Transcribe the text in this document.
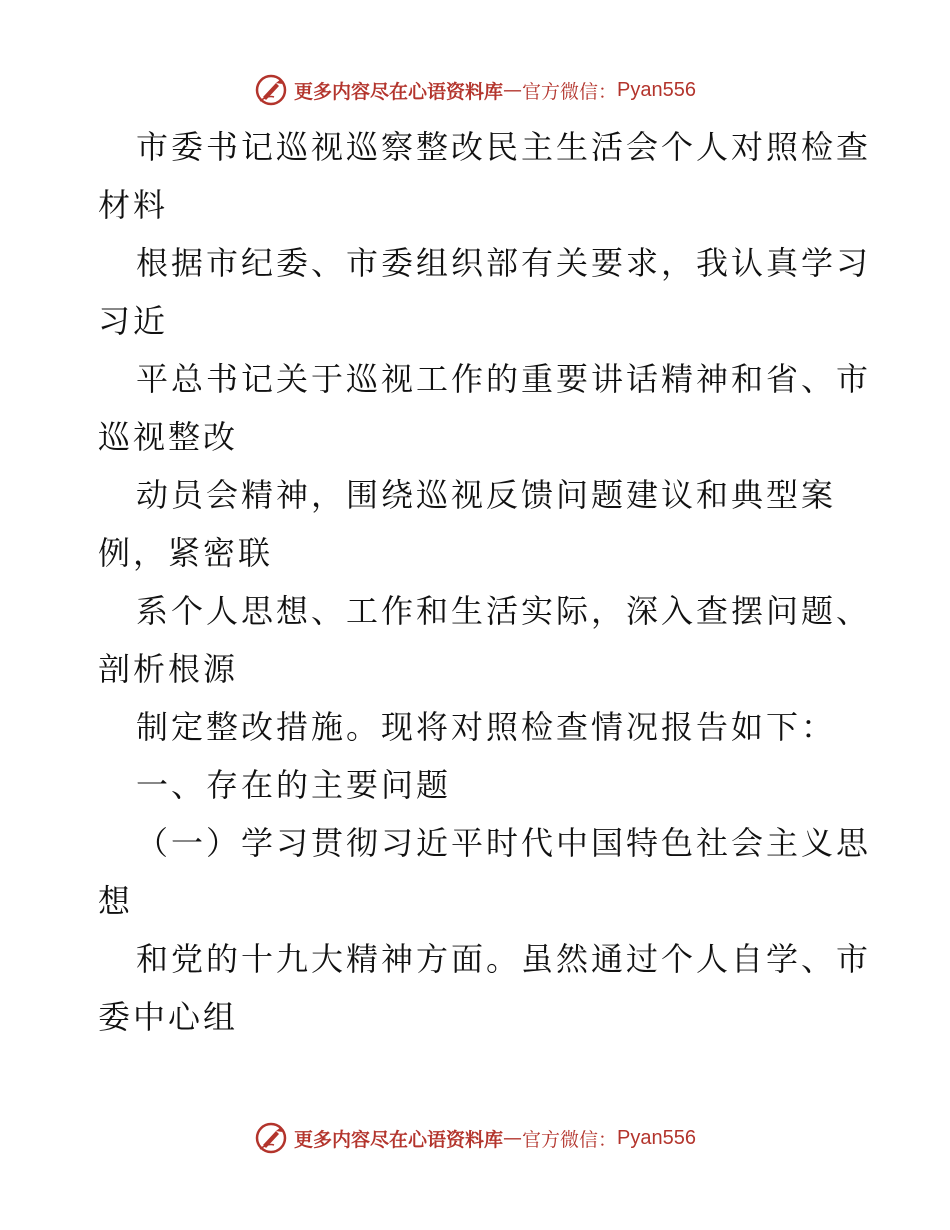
更多内容尽在心语资料库 — 官方微信： Pyan556
市委书记巡视巡察整改民主生活会个人对照检查
材料
根据市纪委、市委组织部有关要求，我认真学习
习近
平总书记关于巡视工作的重要讲话精神和省、市
巡视整改
动员会精神，围绕巡视反馈问题建议和典型案
例，紧密联
系个人思想、工作和生活实际，深入查摆问题、
剖析根源
制定整改措施。现将对照检查情况报告如下：
一、存在的主要问题
（一）学习贯彻习近平时代中国特色社会主义思
想
和党的十九大精神方面。虽然通过个人自学、市
委中心组
更多内容尽在心语资料库 — 官方微信： Pyan556
